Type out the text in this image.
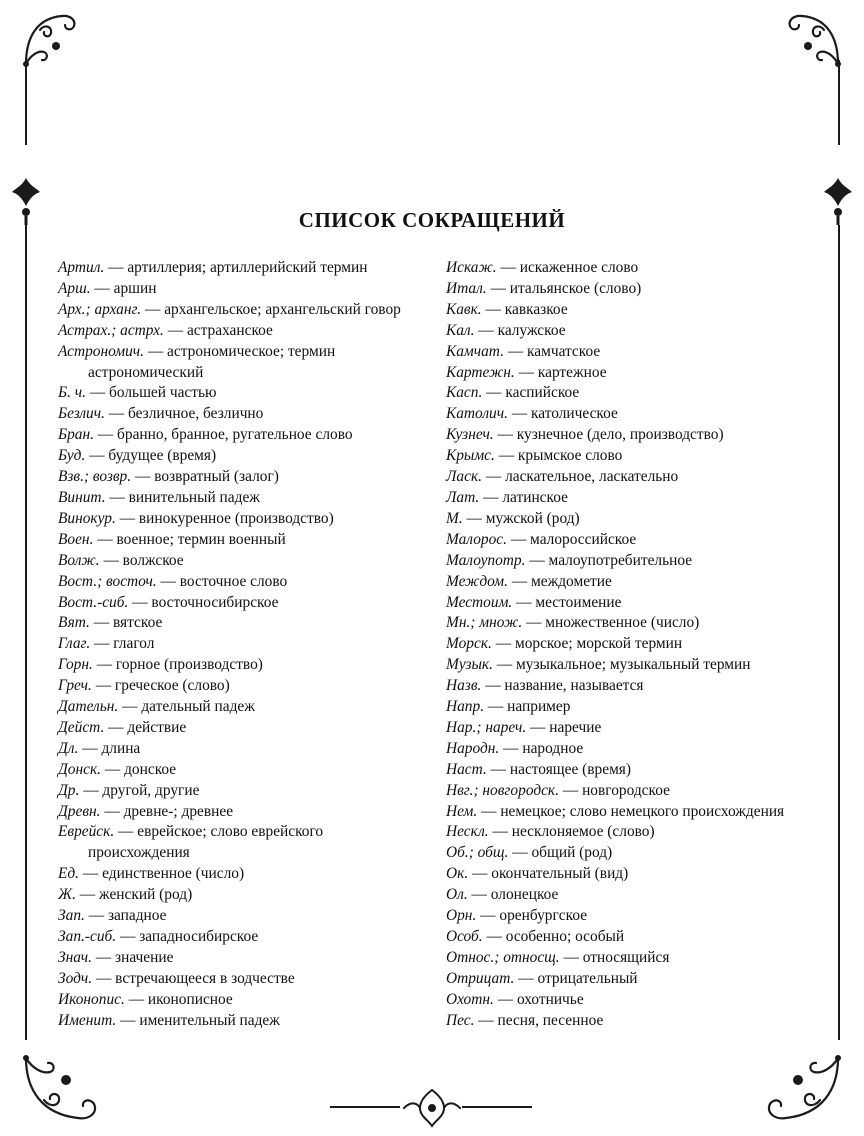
СПИСОК СОКРАЩЕНИЙ
Артил. — артиллерия; артиллерийский термин
Арш. — аршин
Арх.; арханг. — архангельское; архангельский говор
Астрах.; астрх. — астраханское
Астрономич. — астрономическое; термин астрономический
Б. ч. — большей частью
Безлич. — безличное, безлично
Бран. — бранно, бранное, ругательное слово
Буд. — будущее (время)
Взв.; возвр. — возвратный (залог)
Винит. — винительный падеж
Винокур. — винокуренное (производство)
Воен. — военное; термин военный
Волж. — волжское
Вост.; восточ. — восточное слово
Вост.-сиб. — восточносибирское
Вят. — вятское
Глаг. — глагол
Горн. — горное (производство)
Греч. — греческое (слово)
Дательн. — дательный падеж
Дейст. — действие
Дл. — длина
Донск. — донское
Др. — другой, другие
Древн. — древне-; древнее
Еврейск. — еврейское; слово еврейского происхождения
Ед. — единственное (число)
Ж. — женский (род)
Зап. — западное
Зап.-сиб. — западносибирское
Знач. — значение
Зодч. — встречающееся в зодчестве
Иконопис. — иконописное
Именит. — именительный падеж
Искаж. — искаженное слово
Итал. — итальянское (слово)
Кавк. — кавказкое
Кал. — калужское
Камчат. — камчатское
Картежн. — картежное
Касп. — каспийское
Католич. — католическое
Кузнеч. — кузнечное (дело, производство)
Крымс. — крымское слово
Ласк. — ласкательное, ласкательно
Лат. — латинское
М. — мужской (род)
Малорос. — малороссийское
Малоупотр. — малоупотребительное
Междом. — междометие
Местоим. — местоимение
Мн.; множ. — множественное (число)
Морск. — морское; морской термин
Музык. — музыкальное; музыкальный термин
Назв. — название, называется
Напр. — например
Нар.; нареч. — наречие
Народн. — народное
Наст. — настоящее (время)
Нвг.; новгородск. — новгородское
Нем. — немецкое; слово немецкого происхождения
Нескл. — несклоняемое (слово)
Об.; общ. — общий (род)
Ок. — окончательный (вид)
Ол. — олонецкое
Орн. — оренбургское
Особ. — особенно; особый
Относ.; относщ. — относящийся
Отрицат. — отрицательный
Охотн. — охотничье
Пес. — песня, песенное
